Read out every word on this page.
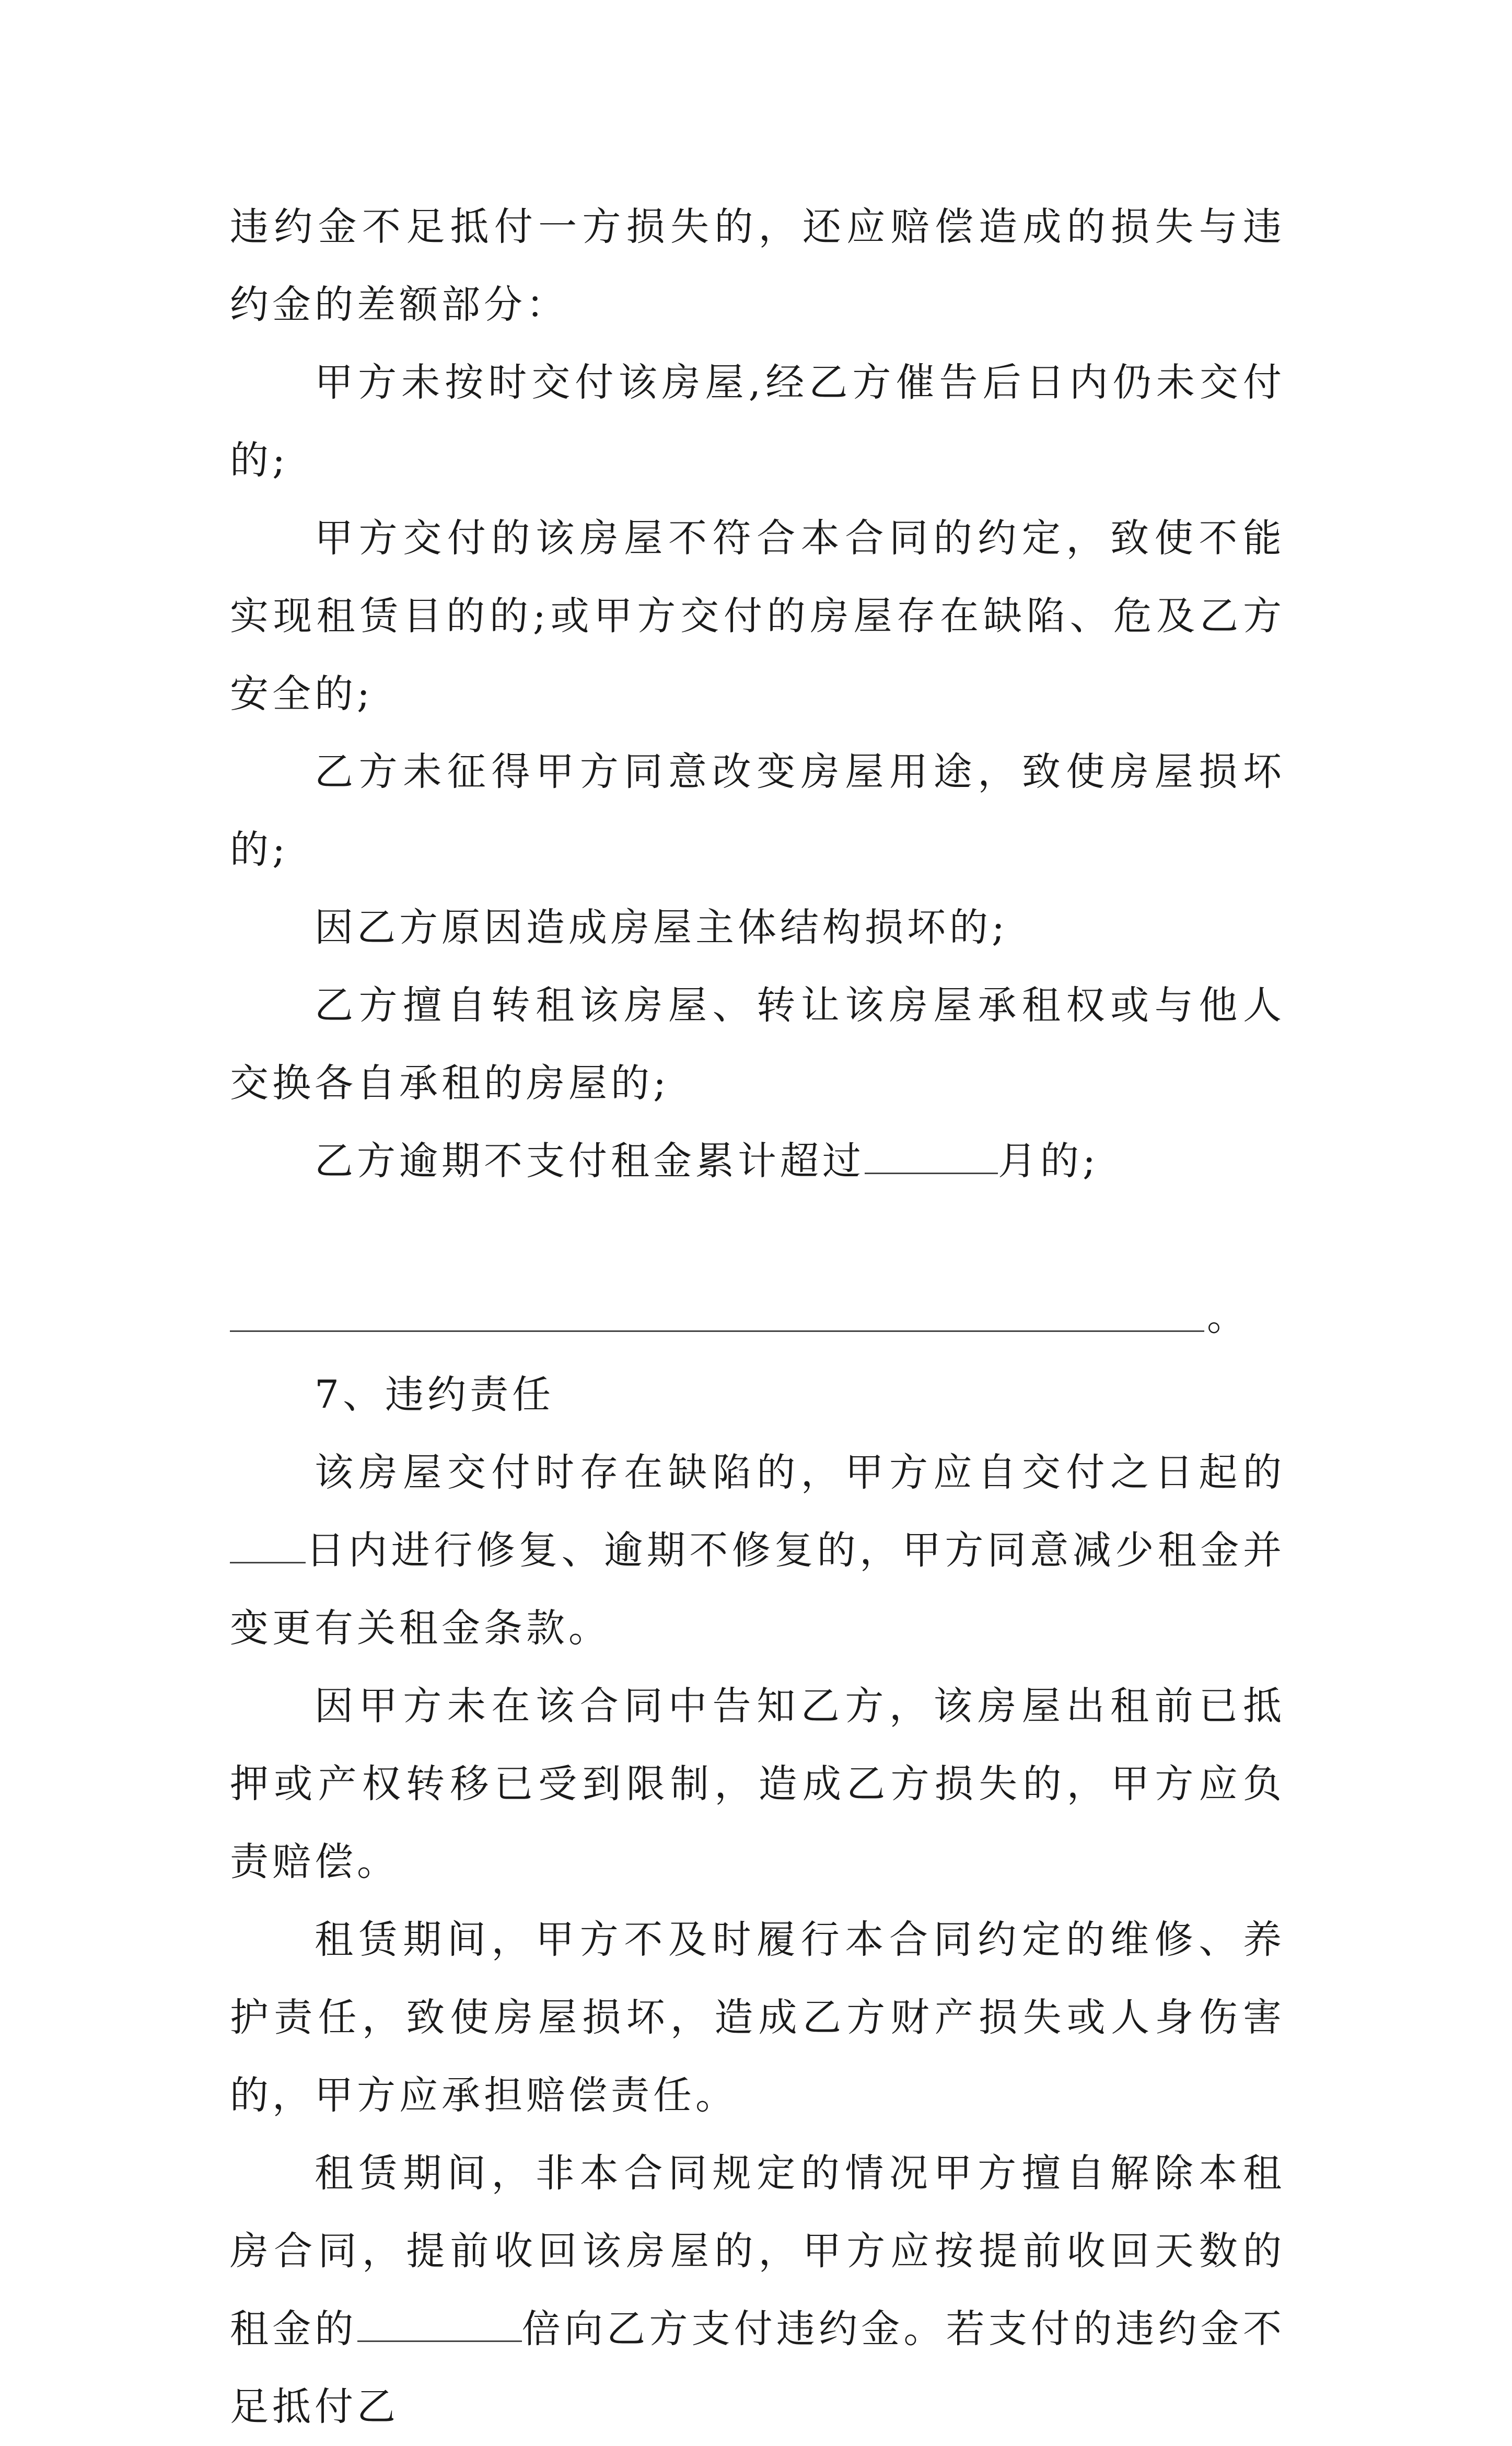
违约金不足抵付一方损失的，还应赔偿造成的损失与违约金的差额部分：

甲方未按时交付该房屋,经乙方催告后日内仍未交付的;

甲方交付的该房屋不符合本合同的约定，致使不能实现租赁目的的;或甲方交付的房屋存在缺陷、危及乙方安全的;

乙方未征得甲方同意改变房屋用途，致使房屋损坏的;

因乙方原因造成房屋主体结构损坏的;

乙方擅自转租该房屋、转让该房屋承租权或与他人交换各自承租的房屋的;

乙方逾期不支付租金累计超过	月的;

。

7、违约责任

该房屋交付时存在缺陷的，甲方应自交付之日起的日内进行修复、逾期不修复的，甲方同意减少租金并变更有关租金条款。

因甲方未在该合同中告知乙方，该房屋出租前已抵押或产权转移已受到限制，造成乙方损失的，甲方应负责赔偿。

租赁期间，甲方不及时履行本合同约定的维修、养护责任，致使房屋损坏，造成乙方财产损失或人身伤害的，甲方应承担赔偿责任。

租赁期间，非本合同规定的情况甲方擅自解除本租房合同，提前收回该房屋的，甲方应按提前收回天数的租金的	倍向乙方支付违约金。若支付的违约金不足抵付乙
